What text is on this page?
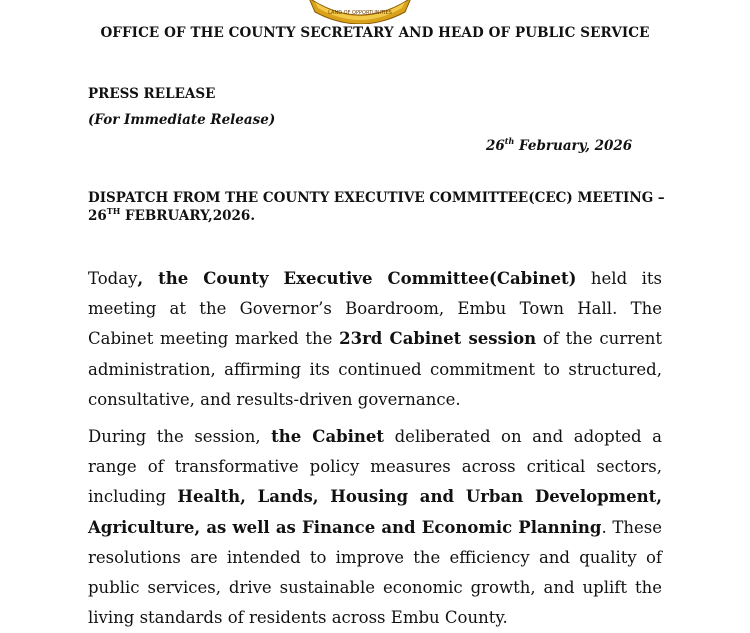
LAND OF OPPORTUNITIES
OFFICE OF THE COUNTY SECRETARY AND HEAD OF PUBLIC SERVICE
PRESS RELEASE
(For Immediate Release)
26th February, 2026
DISPATCH FROM THE COUNTY EXECUTIVE COMMITTEE(CEC) MEETING –
26TH FEBRUARY,2026.
Today, the County Executive Committee(Cabinet) held its meeting at the Governor’s Boardroom, Embu Town Hall. The Cabinet meeting marked the 23rd Cabinet session of the current administration, affirming its continued commitment to structured, consultative, and results-driven governance.
During the session, the Cabinet deliberated on and adopted a range of transformative policy measures across critical sectors, including Health, Lands, Housing and Urban Development, Agriculture, as well as Finance and Economic Planning. These resolutions are intended to improve the efficiency and quality of public services, drive sustainable economic growth, and uplift the living standards of residents across Embu County.
